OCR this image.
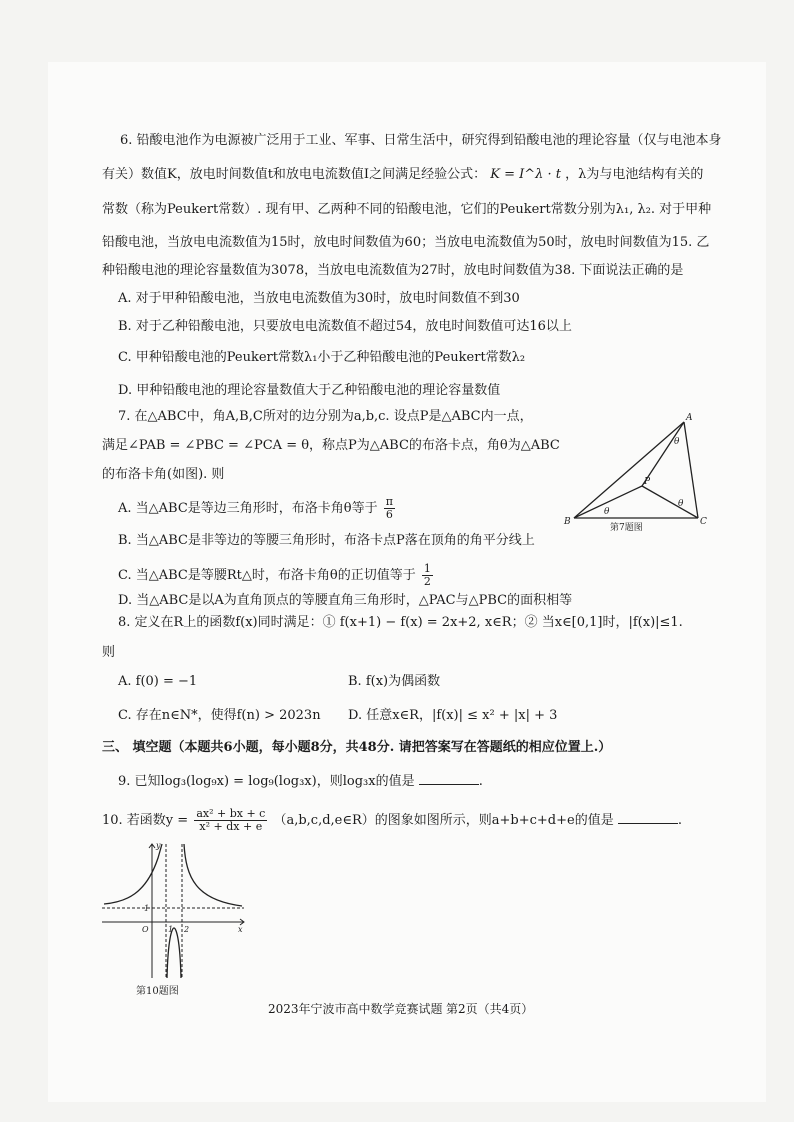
6. 铅酸电池作为电源被广泛用于工业、军事、日常生活中，研究得到铅酸电池的理论容量（仅与电池本身
有关）数值K，放电时间数值t和放电电流数值I之间满足经验公式： K = I^λ · t ，λ为与电池结构有关的
常数（称为Peukert常数）. 现有甲、乙两种不同的铅酸电池，它们的Peukert常数分别为λ₁, λ₂. 对于甲种
铅酸电池，当放电电流数值为15时，放电时间数值为60；当放电电流数值为50时，放电时间数值为15. 乙
种铅酸电池的理论容量数值为3078，当放电电流数值为27时，放电时间数值为38. 下面说法正确的是
A. 对于甲种铅酸电池，当放电电流数值为30时，放电时间数值不到30
B. 对于乙种铅酸电池，只要放电电流数值不超过54，放电时间数值可达16以上
C. 甲种铅酸电池的Peukert常数λ₁小于乙种铅酸电池的Peukert常数λ₂
D. 甲种铅酸电池的理论容量数值大于乙种铅酸电池的理论容量数值
7. 在△ABC中，角A,B,C所对的边分别为a,b,c. 设点P是△ABC内一点，
满足∠PAB = ∠PBC = ∠PCA = θ，称点P为△ABC的布洛卡点，角θ为△ABC
的布洛卡角(如图). 则
A. 当△ABC是等边三角形时，布洛卡角θ等于 $\frac{\pi}{6}$
B. 当△ABC是非等边的等腰三角形时，布洛卡点P落在顶角的角平分线上
C. 当△ABC是等腰Rt△时，布洛卡角θ的正切值等于 $\frac{1}{2}$
D. 当△ABC是以A为直角顶点的等腰直角三角形时，△PAC与△PBC的面积相等
A
B	C
P
θ
θ
θ
第7题图
8. 定义在R上的函数f(x)同时满足：① f(x+1) − f(x) = 2x+2, x∈R；② 当x∈[0,1]时，|f(x)|≤1.
则
A. f(0) = −1	B. f(x)为偶函数
C. 存在n∈N*，使得f(n) > 2023n D. 任意x∈R，|f(x)| ≤ x² + |x| + 3
三、 填空题（本题共6小题，每小题8分，共48分. 请把答案写在答题纸的相应位置上.）
9. 已知log₃(log₉x) = log₉(log₃x)，则log₃x的值是	.
10. 若函数$y = \frac{\text{ax² + bx + c}}{\text{x² + dx + e}}$ （a,b,c,d,e∈R）的图象如图所示，则a+b+c+d+e的值是	.
y
x
O 1 2
1
第10题图
2023年宁波市高中数学竞赛试题 第2页（共4页）
